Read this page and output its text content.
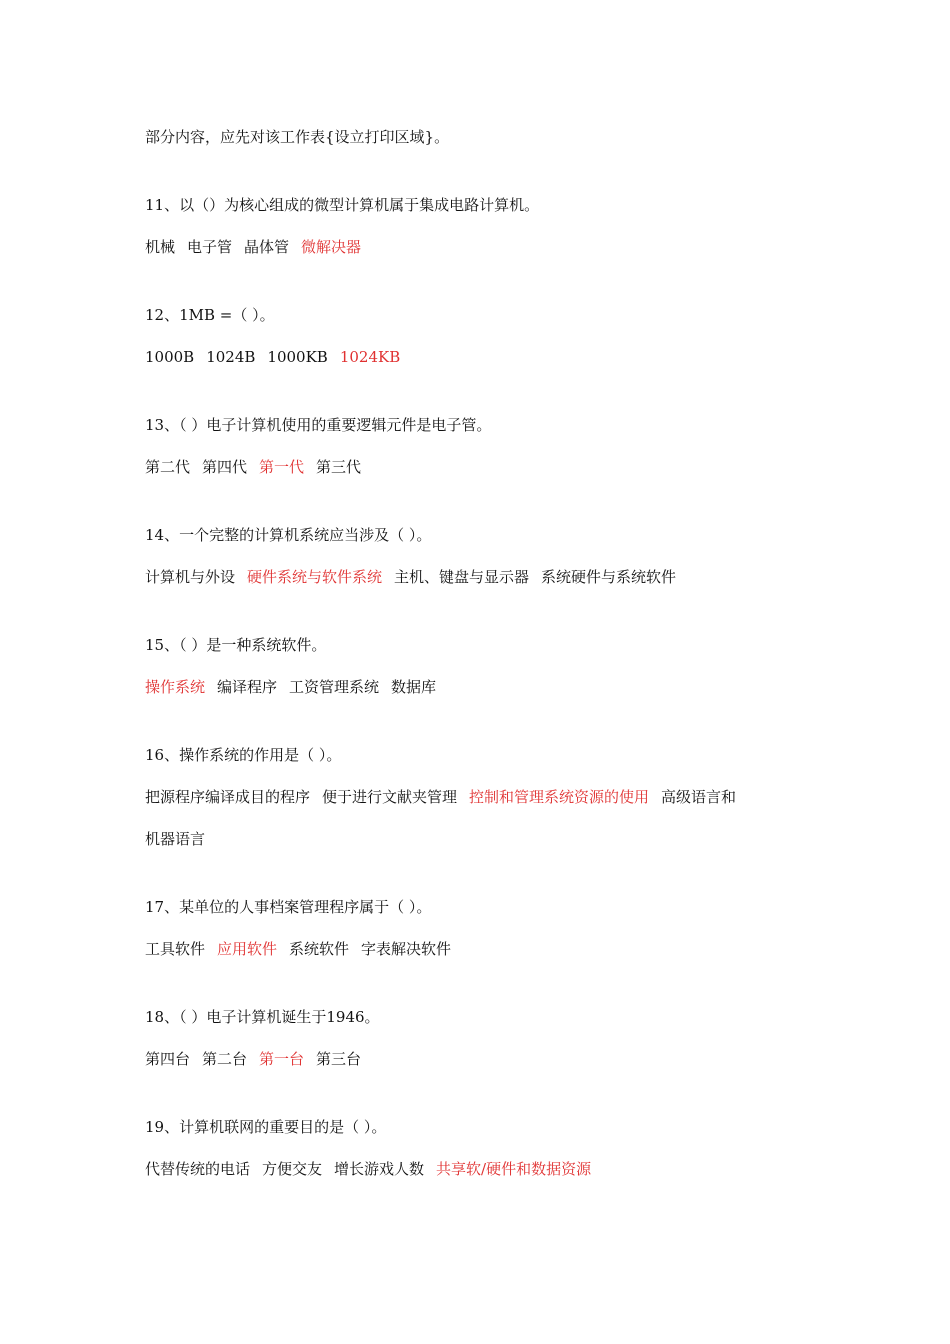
部分内容，应先对该工作表{设立打印区域}。
11、以（）为核心组成的微型计算机属于集成电路计算机。
机械 电子管 晶体管 微解决器
12、1MB =（ ）。
1000B 1024B 1000KB 1024KB
13、（ ）电子计算机使用的重要逻辑元件是电子管。
第二代 第四代 第一代 第三代
14、一个完整的计算机系统应当涉及（ ）。
计算机与外设 硬件系统与软件系统 主机、键盘与显示器 系统硬件与系统软件
15、（ ）是一种系统软件。
操作系统 编译程序 工资管理系统 数据库
16、操作系统的作用是（ ）。
把源程序编译成目的程序 便于进行文献夹管理 控制和管理系统资源的使用 高级语言和
机器语言
17、某单位的人事档案管理程序属于（ ）。
工具软件 应用软件 系统软件 字表解决软件
18、（ ）电子计算机诞生于1946。
第四台 第二台 第一台 第三台
19、计算机联网的重要目的是（ ）。
代替传统的电话 方便交友 增长游戏人数 共享软/硬件和数据资源
